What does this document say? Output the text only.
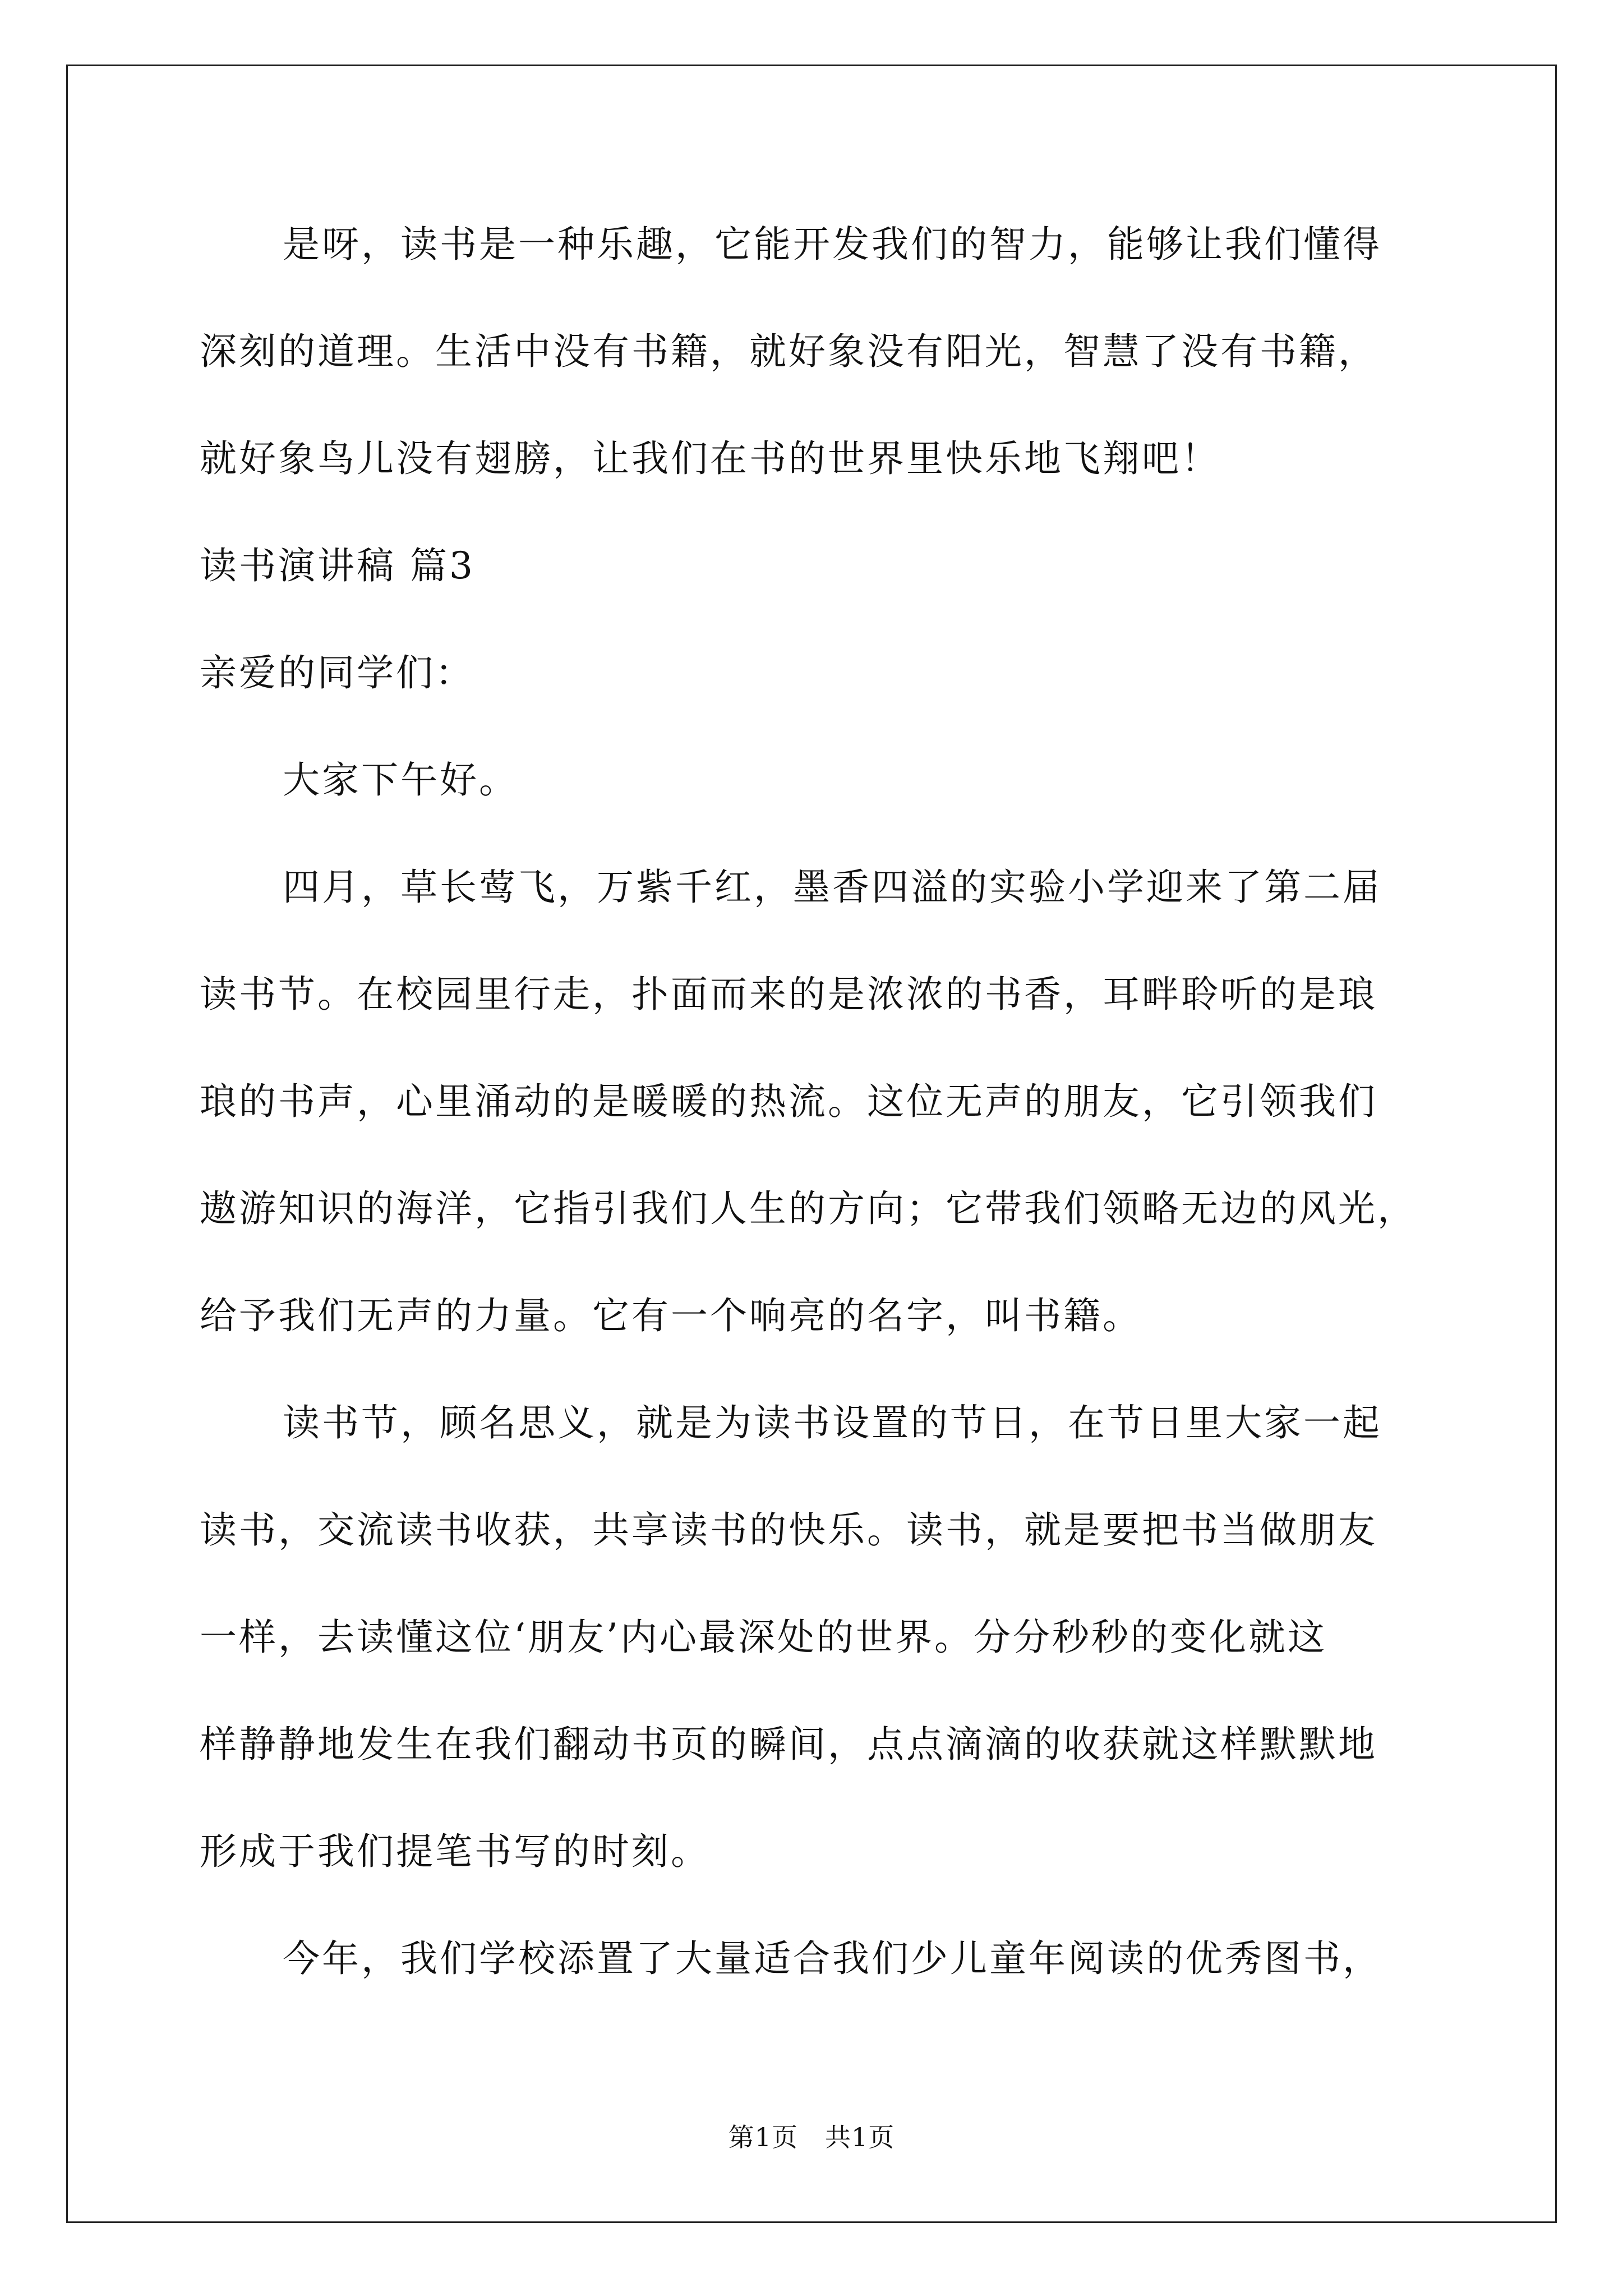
是呀，读书是一种乐趣，它能开发我们的智力，能够让我们懂得
深刻的道理。生活中没有书籍，就好象没有阳光，智慧了没有书籍，
就好象鸟儿没有翅膀，让我们在书的世界里快乐地飞翔吧！
读书演讲稿 篇3
亲爱的同学们：
大家下午好。
四月，草长莺飞，万紫千红，墨香四溢的实验小学迎来了第二届
读书节。在校园里行走，扑面而来的是浓浓的书香，耳畔聆听的是琅
琅的书声，心里涌动的是暖暖的热流。这位无声的朋友，它引领我们
遨游知识的海洋，它指引我们人生的方向；它带我们领略无边的风光，
给予我们无声的力量。它有一个响亮的名字，叫书籍。
读书节，顾名思义，就是为读书设置的节日，在节日里大家一起
读书，交流读书收获，共享读书的快乐。读书，就是要把书当做朋友
一样，去读懂这位‘朋友’内心最深处的世界。分分秒秒的变化就这
样静静地发生在我们翻动书页的瞬间，点点滴滴的收获就这样默默地
形成于我们提笔书写的时刻。
今年，我们学校添置了大量适合我们少儿童年阅读的优秀图书，
第1页 共1页
